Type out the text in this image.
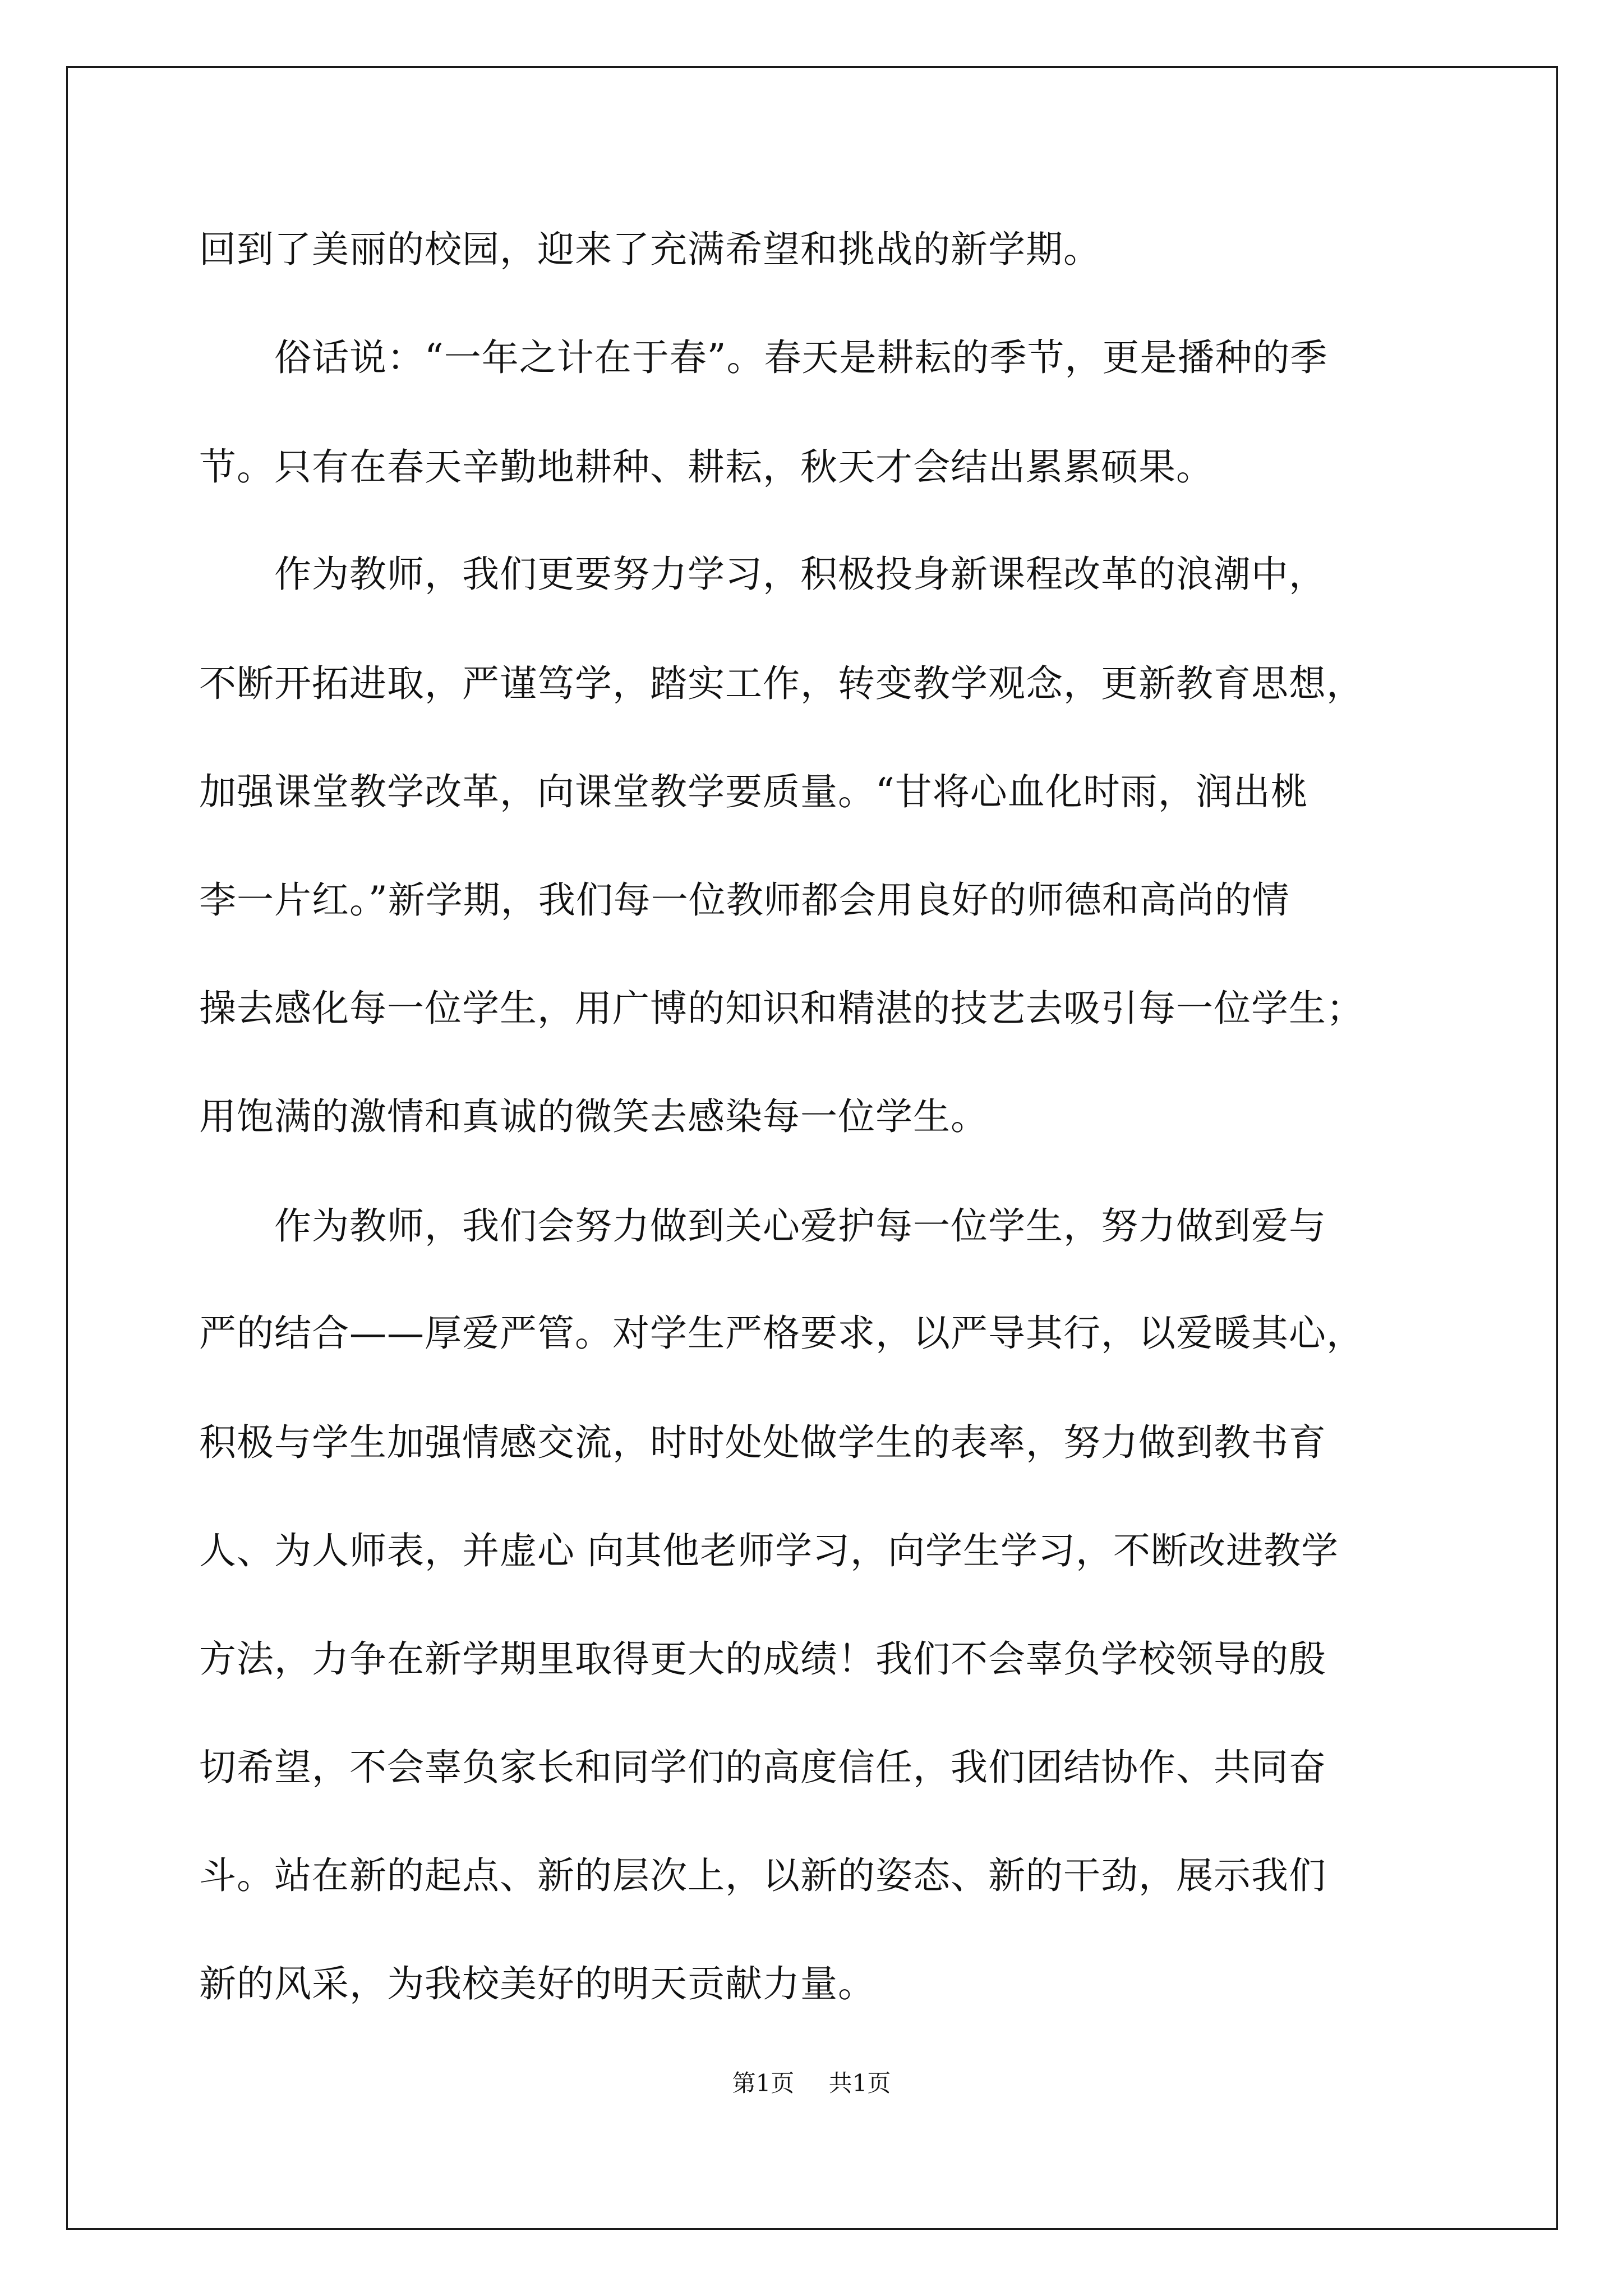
回到了美丽的校园，迎来了充满希望和挑战的新学期。
　　俗话说：“一年之计在于春”。春天是耕耘的季节，更是播种的季
节。只有在春天辛勤地耕种、耕耘，秋天才会结出累累硕果。
　　作为教师，我们更要努力学习，积极投身新课程改革的浪潮中，
不断开拓进取，严谨笃学，踏实工作，转变教学观念，更新教育思想，
加强课堂教学改革，向课堂教学要质量。“甘将心血化时雨，润出桃
李一片红。”新学期，我们每一位教师都会用良好的师德和高尚的情
操去感化每一位学生，用广博的知识和精湛的技艺去吸引每一位学生；
用饱满的激情和真诚的微笑去感染每一位学生。
　　作为教师，我们会努力做到关心爱护每一位学生，努力做到爱与
严的结合——厚爱严管。对学生严格要求，以严导其行，以爱暖其心，
积极与学生加强情感交流，时时处处做学生的表率，努力做到教书育
人、为人师表，并虚心 向其他老师学习，向学生学习，不断改进教学
方法，力争在新学期里取得更大的成绩！我们不会辜负学校领导的殷
切希望，不会辜负家长和同学们的高度信任，我们团结协作、共同奋
斗。站在新的起点、新的层次上，以新的姿态、新的干劲，展示我们
新的风采，为我校美好的明天贡献力量。
第1页 共1页
